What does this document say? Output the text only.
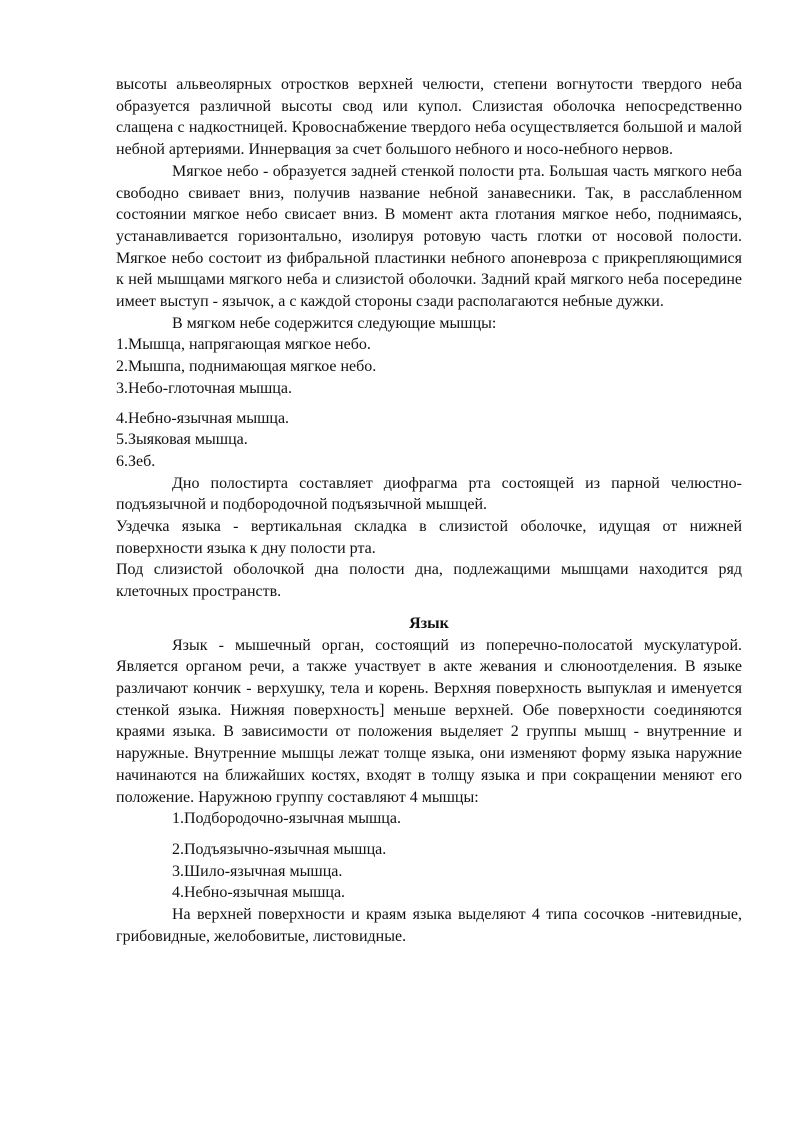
высоты альвеолярных отростков верхней челюсти, степени вогнутости твердого неба образуется различной высоты свод или купол. Слизистая оболочка непосредственно слащена с надкостницей. Кровоснабжение твердого неба осуществляется большой и малой небной артериями. Иннервация за счет большого небного и носо-небного нервов.

Мягкое небо - образуется задней стенкой полости рта. Большая часть мягкого неба свободно свивает вниз, получив название небной занавесники. Так, в расслабленном состоянии мягкое небо свисает вниз. В момент акта глотания мягкое небо, поднимаясь, устанавливается горизонтально, изолируя ротовую часть глотки от носовой полости. Мягкое небо состоит из фибральной пластинки небного апоневроза с прикрепляющимися к ней мышцами мягкого неба и слизистой оболочки. Задний край мягкого неба посередине имеет выступ - язычок, а с каждой стороны сзади располагаются небные дужки.

В мягком небе содержится следующие мышцы:

1.Мышца, напрягающая мягкое небо.

2.Мышпа, поднимающая мягкое небо.

3.Небо-глоточная мышца.

4.Небно-язычная мышца.

5.Зыяковая мышца.

6.Зеб.

Дно полостирта составляет диофрагма рта состоящей из парной челюстно-подъязычной и подбородочной подъязычной мышцей.

Уздечка языка - вертикальная складка в слизистой оболочке, идущая от нижней поверхности языка к дну полости рта.

Под слизистой оболочкой дна полости дна, подлежащими мышцами находится ряд клеточных пространств.

Язык

Язык - мышечный орган, состоящий из поперечно-полосатой мускулатурой. Является органом речи, а также участвует в акте жевания и слюноотделения. В языке различают кончик - верхушку, тела и корень. Верхняя поверхность выпуклая и именуется стенкой языка. Нижняя поверхность] меньше верхней. Обе поверхности соединяются краями языка. В зависимости от положения выделяет 2 группы мышц - внутренние и наружные. Внутренние мышцы лежат толще языка, они изменяют форму языка наружние начинаются на ближайших костях, входят в толщу языка и при сокращении меняют его положение. Наружною группу составляют 4 мышцы:

1.Подбородочно-язычная мышца.

2.Подъязычно-язычная мышца.

3.Шило-язычная мышца.

4.Небно-язычная мышца.

На верхней поверхности и краям языка выделяют 4 типа сосочков -нитевидные, грибовидные, желобовитые, листовидные.
